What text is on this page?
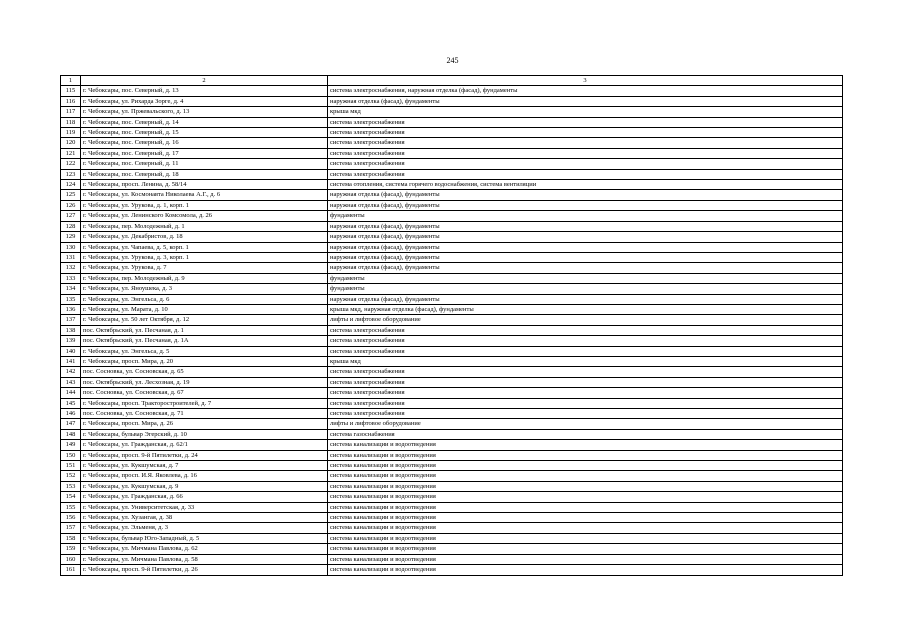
245
1	2	3
115	г. Чебоксары, пос. Северный, д. 13	система электроснабжения, наружная отделка (фасад), фундаменты
116	г. Чебоксары, ул. Рихарда Зорге, д. 4	наружная отделка (фасад), фундаменты
117	г. Чебоксары, ул. Пржевальского, д. 13	крыша мкд
118	г. Чебоксары, пос. Северный, д. 14	система электроснабжения
119	г. Чебоксары, пос. Северный, д. 15	система электроснабжения
120	г. Чебоксары, пос. Северный, д. 16	система электроснабжения
121	г. Чебоксары, пос. Северный, д. 17	система электроснабжения
122	г. Чебоксары, пос. Северный, д. 11	система электроснабжения
123	г. Чебоксары, пос. Северный, д. 18	система электроснабжения
124	г. Чебоксары, просп. Ленина, д. 58/14	система отопления, система горячего водоснабжения, система вентиляции
125	г. Чебоксары, ул. Космонавта Николаева А.Г., д. 6	наружная отделка (фасад), фундаменты
126	г. Чебоксары, ул. Урукова, д. 1, корп. 1	наружная отделка (фасад), фундаменты
127	г. Чебоксары, ул. Ленинского Комсомола, д. 26	фундаменты
128	г. Чебоксары, пер. Молодежный, д. 1	наружная отделка (фасад), фундаменты
129	г. Чебоксары, ул. Декабристов, д. 18	наружная отделка (фасад), фундаменты
130	г. Чебоксары, ул. Чапаева, д. 5, корп. 1	наружная отделка (фасад), фундаменты
131	г. Чебоксары, ул. Урукова, д. 3, корп. 1	наружная отделка (фасад), фундаменты
132	г. Чебоксары, ул. Урукова, д. 7	наружная отделка (фасад), фундаменты
133	г. Чебоксары, пер. Молодежный, д. 9	фундаменты
134	г. Чебоксары, ул. Яноушека, д. 3	фундаменты
135	г. Чебоксары, ул. Энгельса, д. 6	наружная отделка (фасад), фундаменты
136	г. Чебоксары, ул. Марата, д. 10	крыша мкд, наружная отделка (фасад), фундаменты
137	г. Чебоксары, ул. 50 лет Октября, д. 12	лифты и лифтовое оборудование
138	пос. Октябрьский, ул. Песчаная, д. 1	система электроснабжения
139	пос. Октябрьский, ул. Песчаная, д. 1А	система электроснабжения
140	г. Чебоксары, ул. Энгельса, д. 5	система электроснабжения
141	г. Чебоксары, просп. Мира, д. 20	крыша мкд
142	пос. Сосновка, ул. Сосновская, д. 65	система электроснабжения
143	пос. Октябрьский, ул. Лесхозная, д. 19	система электроснабжения
144	пос. Сосновка, ул. Сосновская, д. 67	система электроснабжения
145	г. Чебоксары, просп. Тракторостроителей, д. 7	система электроснабжения
146	пос. Сосновка, ул. Сосновская, д. 71	система электроснабжения
147	г. Чебоксары, просп. Мира, д. 26	лифты и лифтовое оборудование
148	г. Чебоксары, бульвар Эгерский, д. 10	система газоснабжения
149	г. Чебоксары, ул. Гражданская, д. 62/1	система канализации и водоотведения
150	г. Чебоксары, просп. 9-й Пятилетки, д. 24	система канализации и водоотведения
151	г. Чебоксары, ул. Кукшумская, д. 7	система канализации и водоотведения
152	г. Чебоксары, просп. И.Я. Яковлева, д. 16	система канализации и водоотведения
153	г. Чебоксары, ул. Кукшумская, д. 9	система канализации и водоотведения
154	г. Чебоксары, ул. Гражданская, д. 66	система канализации и водоотведения
155	г. Чебоксары, ул. Университетская, д. 33	система канализации и водоотведения
156	г. Чебоксары, ул. Хузангая, д. 38	система канализации и водоотведения
157	г. Чебоксары, ул. Эльменя, д. 3	система канализации и водоотведения
158	г. Чебоксары, бульвар Юго-Западный, д. 5	система канализации и водоотведения
159	г. Чебоксары, ул. Мичмана Павлова, д. 62	система канализации и водоотведения
160	г. Чебоксары, ул. Мичмана Павлова, д. 58	система канализации и водоотведения
161	г. Чебоксары, просп. 9-й Пятилетки, д. 26	система канализации и водоотведения
